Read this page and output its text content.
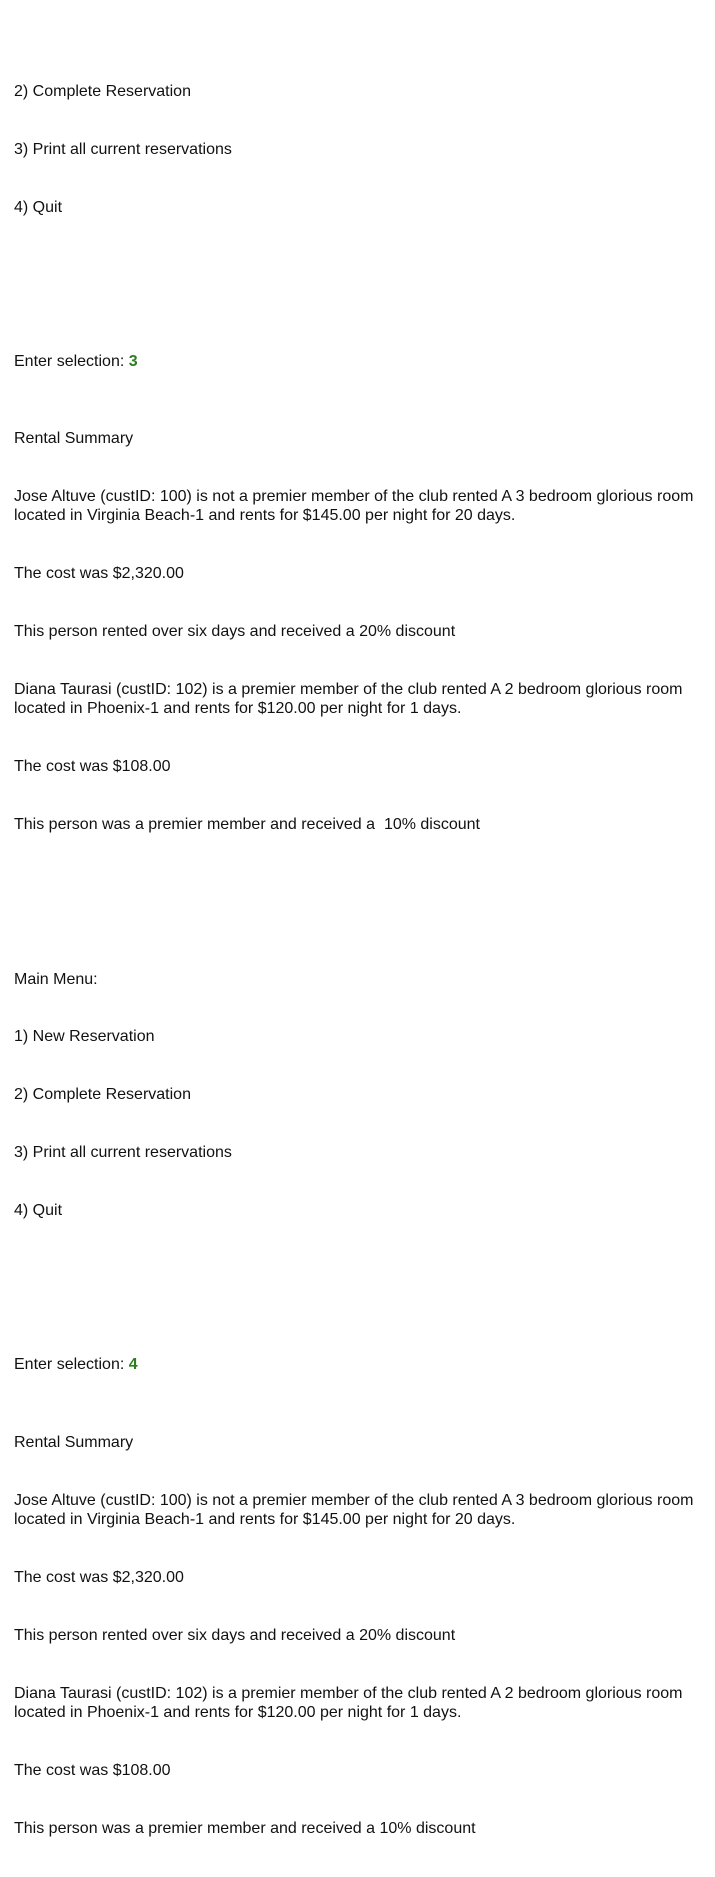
2) Complete Reservation

3) Print all current reservations

4) Quit

Enter selection: 3

Rental Summary

Jose Altuve (custID: 100) is not a premier member of the club rented A 3 bedroom glorious room located in Virginia Beach-1 and rents for $145.00 per night for 20 days.

The cost was $2,320.00

This person rented over six days and received a 20% discount

Diana Taurasi (custID: 102) is a premier member of the club rented A 2 bedroom glorious room located in Phoenix-1 and rents for $120.00 per night for 1 days.

The cost was $108.00

This person was a premier member and received a  10% discount

Main Menu:

1) New Reservation

2) Complete Reservation

3) Print all current reservations

4) Quit

Enter selection: 4

Rental Summary

Jose Altuve (custID: 100) is not a premier member of the club rented A 3 bedroom glorious room located in Virginia Beach-1 and rents for $145.00 per night for 20 days.

The cost was $2,320.00

This person rented over six days and received a 20% discount

Diana Taurasi (custID: 102) is a premier member of the club rented A 2 bedroom glorious room located in Phoenix-1 and rents for $120.00 per night for 1 days.

The cost was $108.00

This person was a premier member and received a 10% discount
